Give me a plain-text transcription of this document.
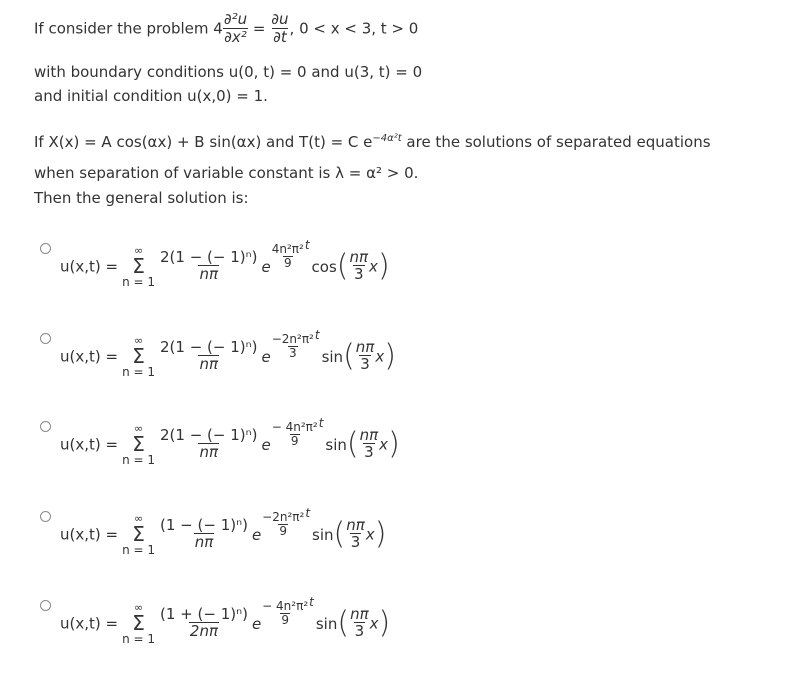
If consider the problem $4 \frac{\text{∂²u}}{\text{∂x²}} = \frac{\partial u}{\partial t}$ , 0 < x < 3, t > 0
with boundary conditions u(0, t) = 0 and u(3, t) = 0
and initial condition u(x,0) = 1.
If X(x) = A cos(αx) + B sin(αx) and T(t) = C $e^{-4\alpha^2t}$ are the solutions of separated equations
when separation of variable constant is λ = α² > 0.
Then the general solution is:
u(x,t) =
∞
Σ
$n = 1 \frac{\text{2(1 − (− 1)ⁿ)}}{n\pi}$ e $\frac{\text{4n²π²}}{9} ^t\cos( \frac{n\pi}{3} x)$
u(x,t) =
∞
Σ
$n = 1 \frac{\text{2(1 − (− 1)ⁿ)}}{n\pi}$ e $\frac{\text{−2n²π²}}{3} ^t\sin( \frac{n\pi}{3} x)$
u(x,t) =
∞
Σ
$n = 1 \frac{\text{2(1 − (− 1)ⁿ)}}{n\pi}$ e $\frac{\text{− 4n²π²}}{9} ^t\sin( \frac{n\pi}{3} x)$
u(x,t) =
∞
Σ
$n = 1 \frac{\text{(1 − (− 1)ⁿ)}}{n\pi}$ e $\frac{\text{−2n²π²}}{9} ^t\sin( \frac{n\pi}{3} x)$
u(x,t) =
∞
Σ
$n = 1 \frac{\text{(1 + (− 1)ⁿ)}}{2n\pi}$ e $\frac{\text{− 4n²π²}}{9} ^t\sin( \frac{n\pi}{3} x)$
